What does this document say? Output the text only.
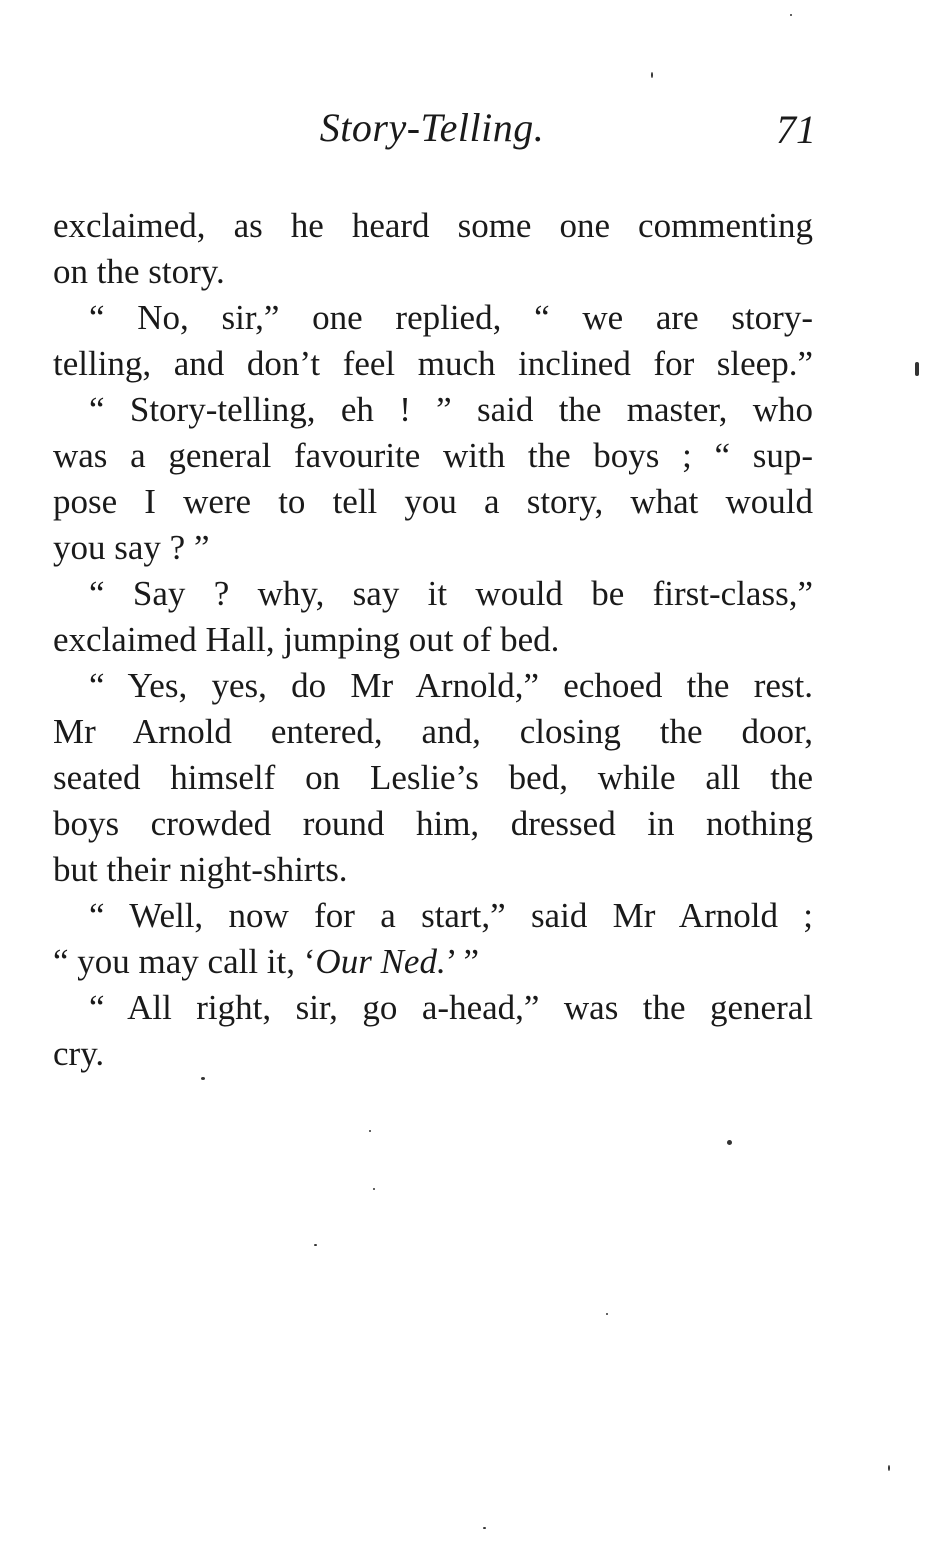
Story-Telling.	71
exclaimed, as he heard some one commenting
on the story.
“ No, sir,” one replied, “ we are story-
telling, and don’t feel much inclined for sleep.”
“ Story-telling, eh ! ” said the master, who
was a general favourite with the boys ; “ sup-
pose I were to tell you a story, what would
you say ? ”
“ Say ? why, say it would be first-class,”
exclaimed Hall, jumping out of bed.
“ Yes, yes, do Mr Arnold,” echoed the rest.
Mr Arnold entered, and, closing the door,
seated himself on Leslie’s bed, while all the
boys crowded round him, dressed in nothing
but their night-shirts.
“ Well, now for a start,” said Mr Arnold ;
“ you may call it, ‘Our Ned.’ ”
“ All right, sir, go a-head,” was the general
cry.
